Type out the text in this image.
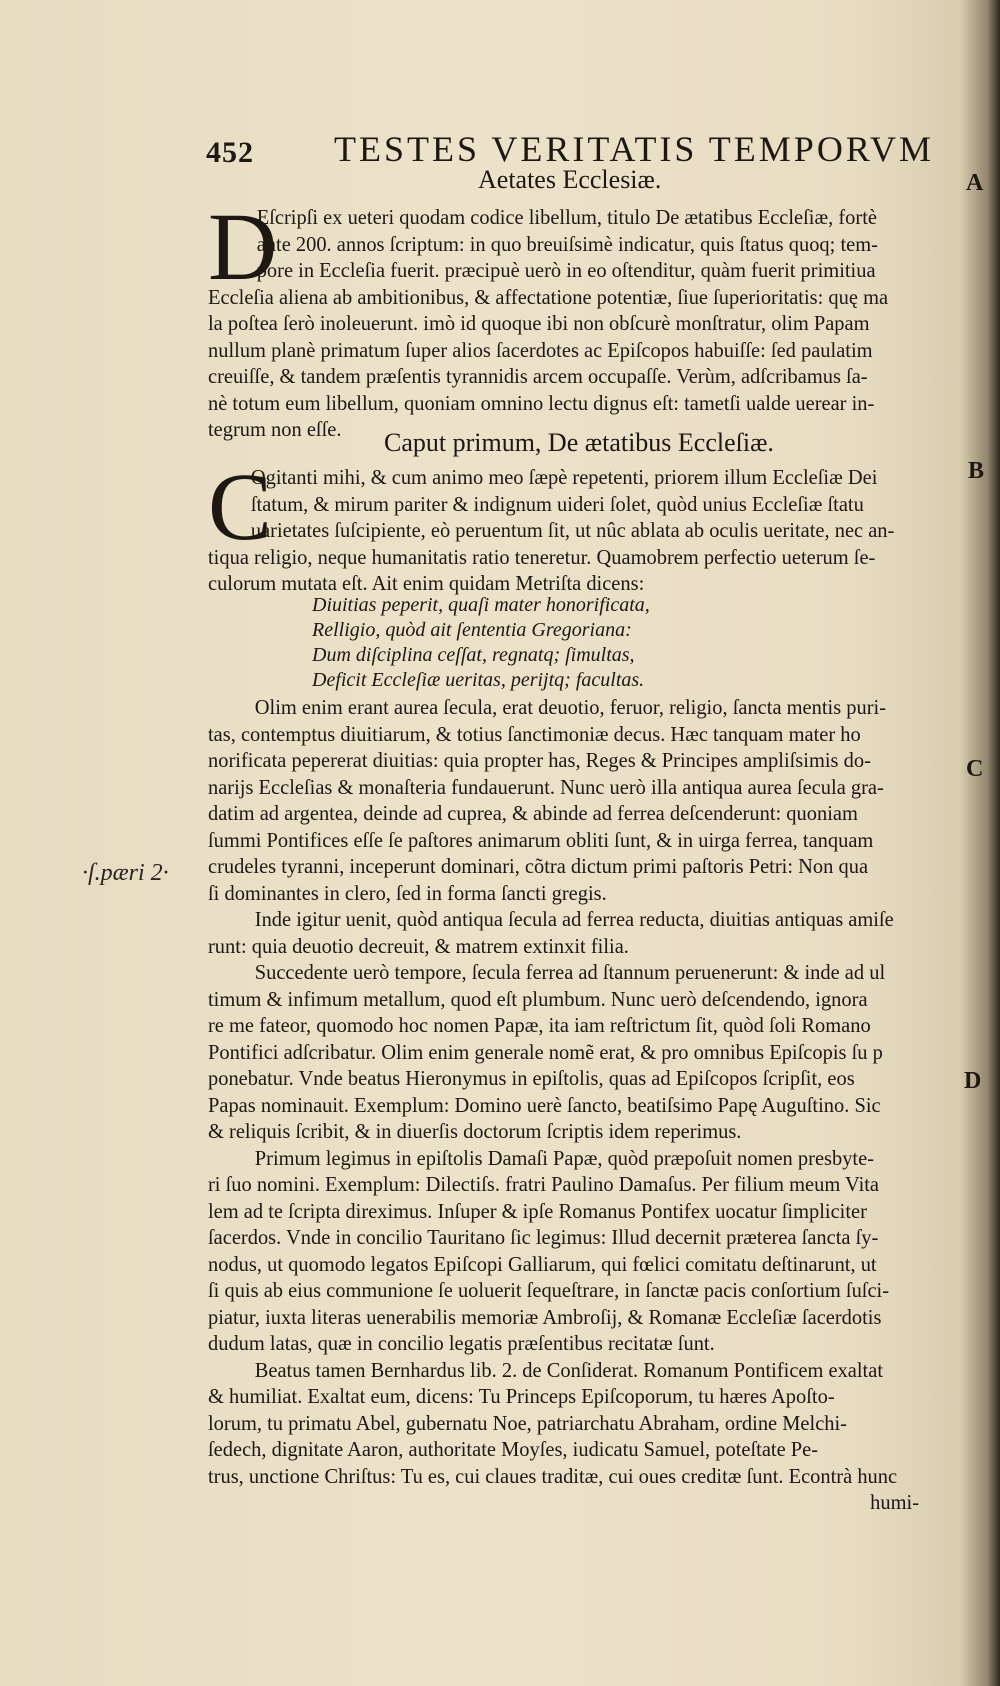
452 TESTES VERITATIS TEMPORVM
Aetates Ecclesiæ.	A
B
C
D
·ſ.pæri 2·
D
Eſcripſi ex ueteri quodam codice libellum, titulo De ætatibus Eccleſiæ, fortè
ante 200. annos ſcriptum: in quo breuiſsimè indicatur, quis ſtatus quoq; tem-
pore in Eccleſia fuerit. præcipuè uerò in eo oſtenditur, quàm fuerit primitiua
Eccleſia aliena ab ambitionibus, & affectatione potentiæ, ſiue ſuperioritatis: quę ma
la poſtea ſerò inoleuerunt. imò id quoque ibi non obſcurè monſtratur, olim Papam
nullum planè primatum ſuper alios ſacerdotes ac Epiſcopos habuiſſe: ſed paulatim
creuiſſe, & tandem præſentis tyrannidis arcem occupaſſe. Verùm, adſcribamus ſa-
nè totum eum libellum, quoniam omnino lectu dignus eſt: tametſi ualde uerear in-
tegrum non eſſe.	Caput primum, De ætatibus Eccleſiæ.
C
Ogitanti mihi, & cum animo meo ſæpè repetenti, priorem illum Eccleſiæ Dei
ſtatum, & mirum pariter & indignum uideri ſolet, quòd unius Eccleſiæ ſtatu
uarietates ſuſcipiente, eò peruentum ſit, ut nûc ablata ab oculis ueritate, nec an-
tiqua religio, neque humanitatis ratio teneretur. Quamobrem perfectio ueterum ſe-
culorum mutata eſt. Ait enim quidam Metriſta dicens:
Diuitias peperit, quaſi mater honorificata,
Relligio, quòd ait ſententia Gregoriana:
Dum diſciplina ceſſat, regnatq; ſimultas,
Deficit Eccleſiæ ueritas, perijtq; facultas.
Olim enim erant aurea ſecula, erat deuotio, feruor, religio, ſancta mentis puri-
tas, contemptus diuitiarum, & totius ſanctimoniæ decus. Hæc tanquam mater ho
norificata pepererat diuitias: quia propter has, Reges & Principes ampliſsimis do-
narijs Eccleſias & monaſteria fundauerunt. Nunc uerò illa antiqua aurea ſecula gra-
datim ad argentea, deinde ad cuprea, & abinde ad ferrea deſcenderunt: quoniam
ſummi Pontifices eſſe ſe paſtores animarum obliti ſunt, & in uirga ferrea, tanquam
crudeles tyranni, inceperunt dominari, cõtra dictum primi paſtoris Petri: Non qua
ſi dominantes in clero, ſed in forma ſancti gregis.
Inde igitur uenit, quòd antiqua ſecula ad ferrea reducta, diuitias antiquas amiſe
runt: quia deuotio decreuit, & matrem extinxit filia.
Succedente uerò tempore, ſecula ferrea ad ſtannum peruenerunt: & inde ad ul
timum & infimum metallum, quod eſt plumbum. Nunc uerò deſcendendo, ignora
re me fateor, quomodo hoc nomen Papæ, ita iam reſtrictum ſit, quòd ſoli Romano
Pontifici adſcribatur. Olim enim generale nomẽ erat, & pro omnibus Epiſcopis ſu p
ponebatur. Vnde beatus Hieronymus in epiſtolis, quas ad Epiſcopos ſcripſit, eos
Papas nominauit. Exemplum: Domino uerè ſancto, beatiſsimo Papę Auguſtino. Sic
& reliquis ſcribit, & in diuerſis doctorum ſcriptis idem reperimus.
Primum legimus in epiſtolis Damaſi Papæ, quòd præpoſuit nomen presbyte-
ri ſuo nomini. Exemplum: Dilectiſs. fratri Paulino Damaſus. Per filium meum Vita
lem ad te ſcripta direximus. Inſuper & ipſe Romanus Pontifex uocatur ſimpliciter
ſacerdos. Vnde in concilio Tauritano ſic legimus: Illud decernit præterea ſancta ſy-
nodus, ut quomodo legatos Epiſcopi Galliarum, qui fœlici comitatu deſtinarunt, ut
ſi quis ab eius communione ſe uoluerit ſequeſtrare, in ſanctæ pacis conſortium ſuſci-
piatur, iuxta literas uenerabilis memoriæ Ambroſij, & Romanæ Eccleſiæ ſacerdotis
dudum latas, quæ in concilio legatis præſentibus recitatæ ſunt.
Beatus tamen Bernhardus lib. 2. de Conſiderat. Romanum Pontificem exaltat
& humiliat. Exaltat eum, dicens: Tu Princeps Epiſcoporum, tu hæres Apoſto-
lorum, tu primatu Abel, gubernatu Noe, patriarchatu Abraham, ordine Melchi-
ſedech, dignitate Aaron, authoritate Moyſes, iudicatu Samuel, poteſtate Pe-
trus, unctione Chriſtus: Tu es, cui claues traditæ, cui oues creditæ ſunt. Econtrà hunc
humi-
